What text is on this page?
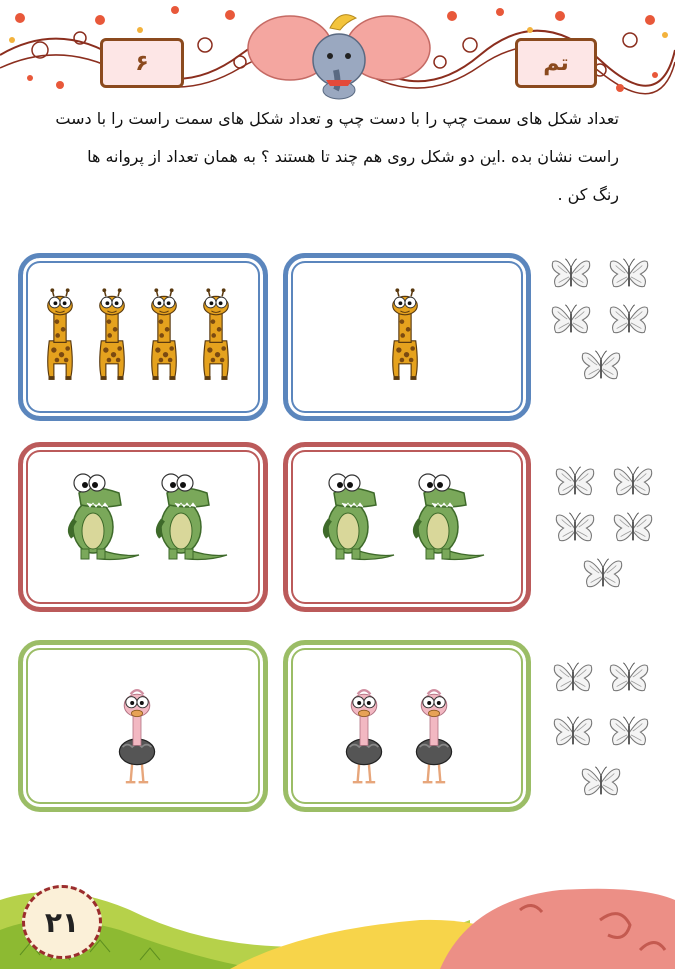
۶	تم
تعداد شکل های سمت چپ را با دست چپ و تعداد شکل های سمت راست را با دست
راست نشان بده .این دو شکل روی هم چند تا هستند ؟ به همان تعداد از پروانه ها
رنگ کن .
۲۱
